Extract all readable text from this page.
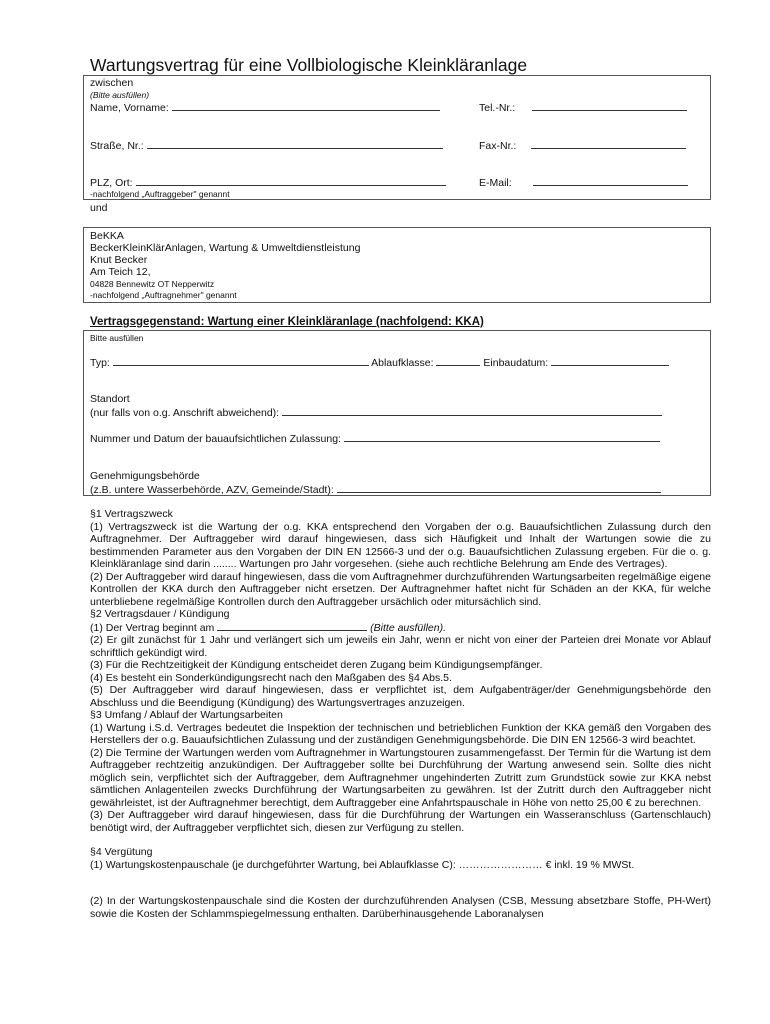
Wartungsvertrag für eine Vollbiologische Kleinkläranlage
zwischen
(Bitte ausfüllen)
Name, Vorname:	Tel.-Nr.:
Straße, Nr.:	Fax-Nr.:
PLZ, Ort:	E-Mail:
-nachfolgend „Auftraggeber" genannt
und
BeKKA
BeckerKleinKlärAnlagen, Wartung & Umweltdienstleistung
Knut Becker
Am Teich 12,
04828 Bennewitz OT Nepperwitz
-nachfolgend „Auftragnehmer" genannt
Vertragsgegenstand: Wartung einer Kleinkläranlage (nachfolgend: KKA)
Bitte ausfüllen
Typ:	Ablaufklasse:	Einbaudatum:
Standort
(nur falls von o.g. Anschrift abweichend):
Nummer und Datum der bauaufsichtlichen Zulassung:
Genehmigungsbehörde
(z.B. untere Wasserbehörde, AZV, Gemeinde/Stadt):
§1 Vertragszweck
(1) Vertragszweck ist die Wartung der o.g. KKA entsprechend den Vorgaben der o.g. Bauaufsichtlichen Zulassung durch den Auftragnehmer. Der Auftraggeber wird darauf hingewiesen, dass sich Häufigkeit und Inhalt der Wartungen sowie die zu bestimmenden Parameter aus den Vorgaben der DIN EN 12566-3 und der o.g. Bauaufsichtlichen Zulassung ergeben. Für die o. g. Kleinkläranlage sind darin ........ Wartungen pro Jahr vorgesehen. (siehe auch rechtliche Belehrung am Ende des Vertrages).
(2) Der Auftraggeber wird darauf hingewiesen, dass die vom Auftragnehmer durchzuführenden Wartungsarbeiten regelmäßige eigene Kontrollen der KKA durch den Auftraggeber nicht ersetzen. Der Auftragnehmer haftet nicht für Schäden an der KKA, für welche unterbliebene regelmäßige Kontrollen durch den Auftraggeber ursächlich oder mitursächlich sind.
§2 Vertragsdauer / Kündigung
(1) Der Vertrag beginnt am	(Bitte ausfüllen).
(2) Er gilt zunächst für 1 Jahr und verlängert sich um jeweils ein Jahr, wenn er nicht von einer der Parteien drei Monate vor Ablauf schriftlich gekündigt wird.
(3) Für die Rechtzeitigkeit der Kündigung entscheidet deren Zugang beim Kündigungsempfänger.
(4) Es besteht ein Sonderkündigungsrecht nach den Maßgaben des §4 Abs.5.
(5) Der Auftraggeber wird darauf hingewiesen, dass er verpflichtet ist, dem Aufgabenträger/der Genehmigungsbehörde den Abschluss und die Beendigung (Kündigung) des Wartungsvertrages anzuzeigen.
§3 Umfang / Ablauf der Wartungsarbeiten
(1) Wartung i.S.d. Vertrages bedeutet die Inspektion der technischen und betrieblichen Funktion der KKA gemäß den Vorgaben des Herstellers der o.g. Bauaufsichtlichen Zulassung und der zuständigen Genehmigungsbehörde. Die DIN EN 12566-3 wird beachtet.
(2) Die Termine der Wartungen werden vom Auftragnehmer in Wartungstouren zusammengefasst. Der Termin für die Wartung ist dem Auftraggeber rechtzeitig anzukündigen. Der Auftraggeber sollte bei Durchführung der Wartung anwesend sein. Sollte dies nicht möglich sein, verpflichtet sich der Auftraggeber, dem Auftragnehmer ungehinderten Zutritt zum Grundstück sowie zur KKA nebst sämtlichen Anlagenteilen zwecks Durchführung der Wartungsarbeiten zu gewähren. Ist der Zutritt durch den Auftraggeber nicht gewährleistet, ist der Auftragnehmer berechtigt, dem Auftraggeber eine Anfahrtspauschale in Höhe von netto 25,00 € zu berechnen.
(3) Der Auftraggeber wird darauf hingewiesen, dass für die Durchführung der Wartungen ein Wasseranschluss (Gartenschlauch) benötigt wird, der Auftraggeber verpflichtet sich, diesen zur Verfügung zu stellen.
§4 Vergütung
(1) Wartungskostenpauschale (je durchgeführter Wartung, bei Ablaufklasse C): …………………… € inkl. 19 % MWSt.
(2) In der Wartungskostenpauschale sind die Kosten der durchzuführenden Analysen (CSB, Messung absetzbare Stoffe, PH-Wert) sowie die Kosten der Schlammspiegelmessung enthalten. Darüberhinausgehende Laboranalysen
